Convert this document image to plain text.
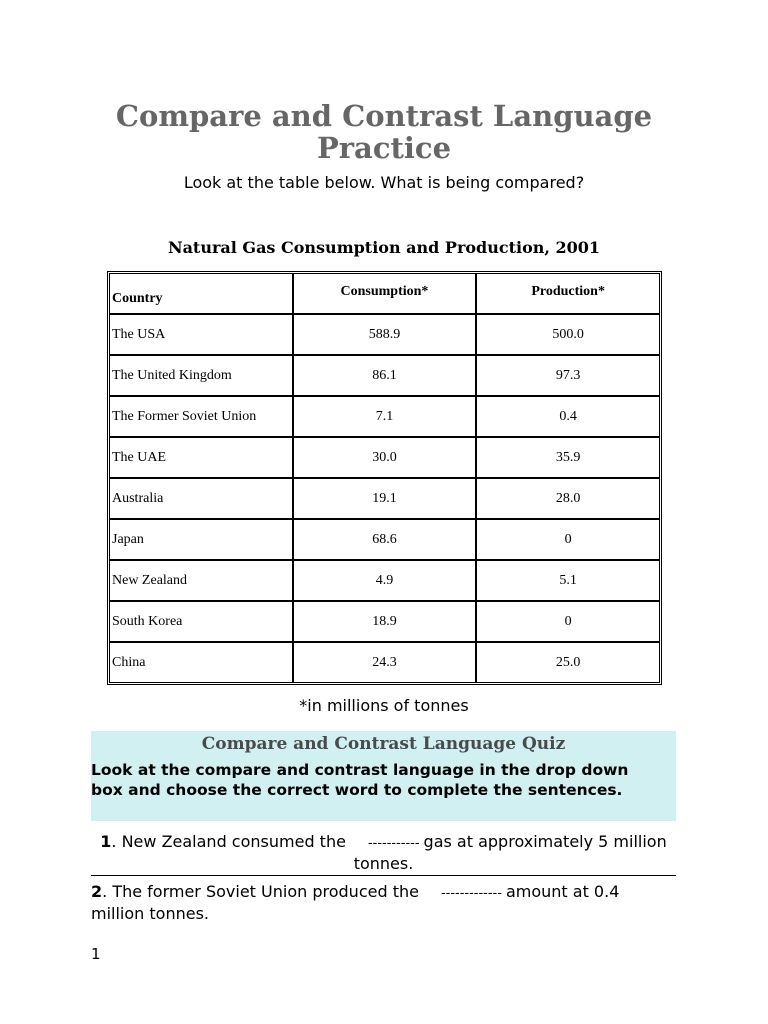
Compare and Contrast Language Practice

Look at the table below. What is being compared?

Natural Gas Consumption and Production, 2001

Country	Consumption*	Production*
The USA	588.9	500.0
The United Kingdom	86.1	97.3
The Former Soviet Union	7.1	0.4
The UAE	30.0	35.9
Australia	19.1	28.0
Japan	68.6	0
New Zealand	4.9	5.1
South Korea	18.9	0
China	24.3	25.0

*in millions of tonnes

Compare and Contrast Language Quiz

Look at the compare and contrast language in the drop down box and choose the correct word to complete the sentences.

1. New Zealand consumed the ----------- gas at approximately 5 million tonnes.

2. The former Soviet Union produced the ------------- amount at 0.4 million tonnes.

1
